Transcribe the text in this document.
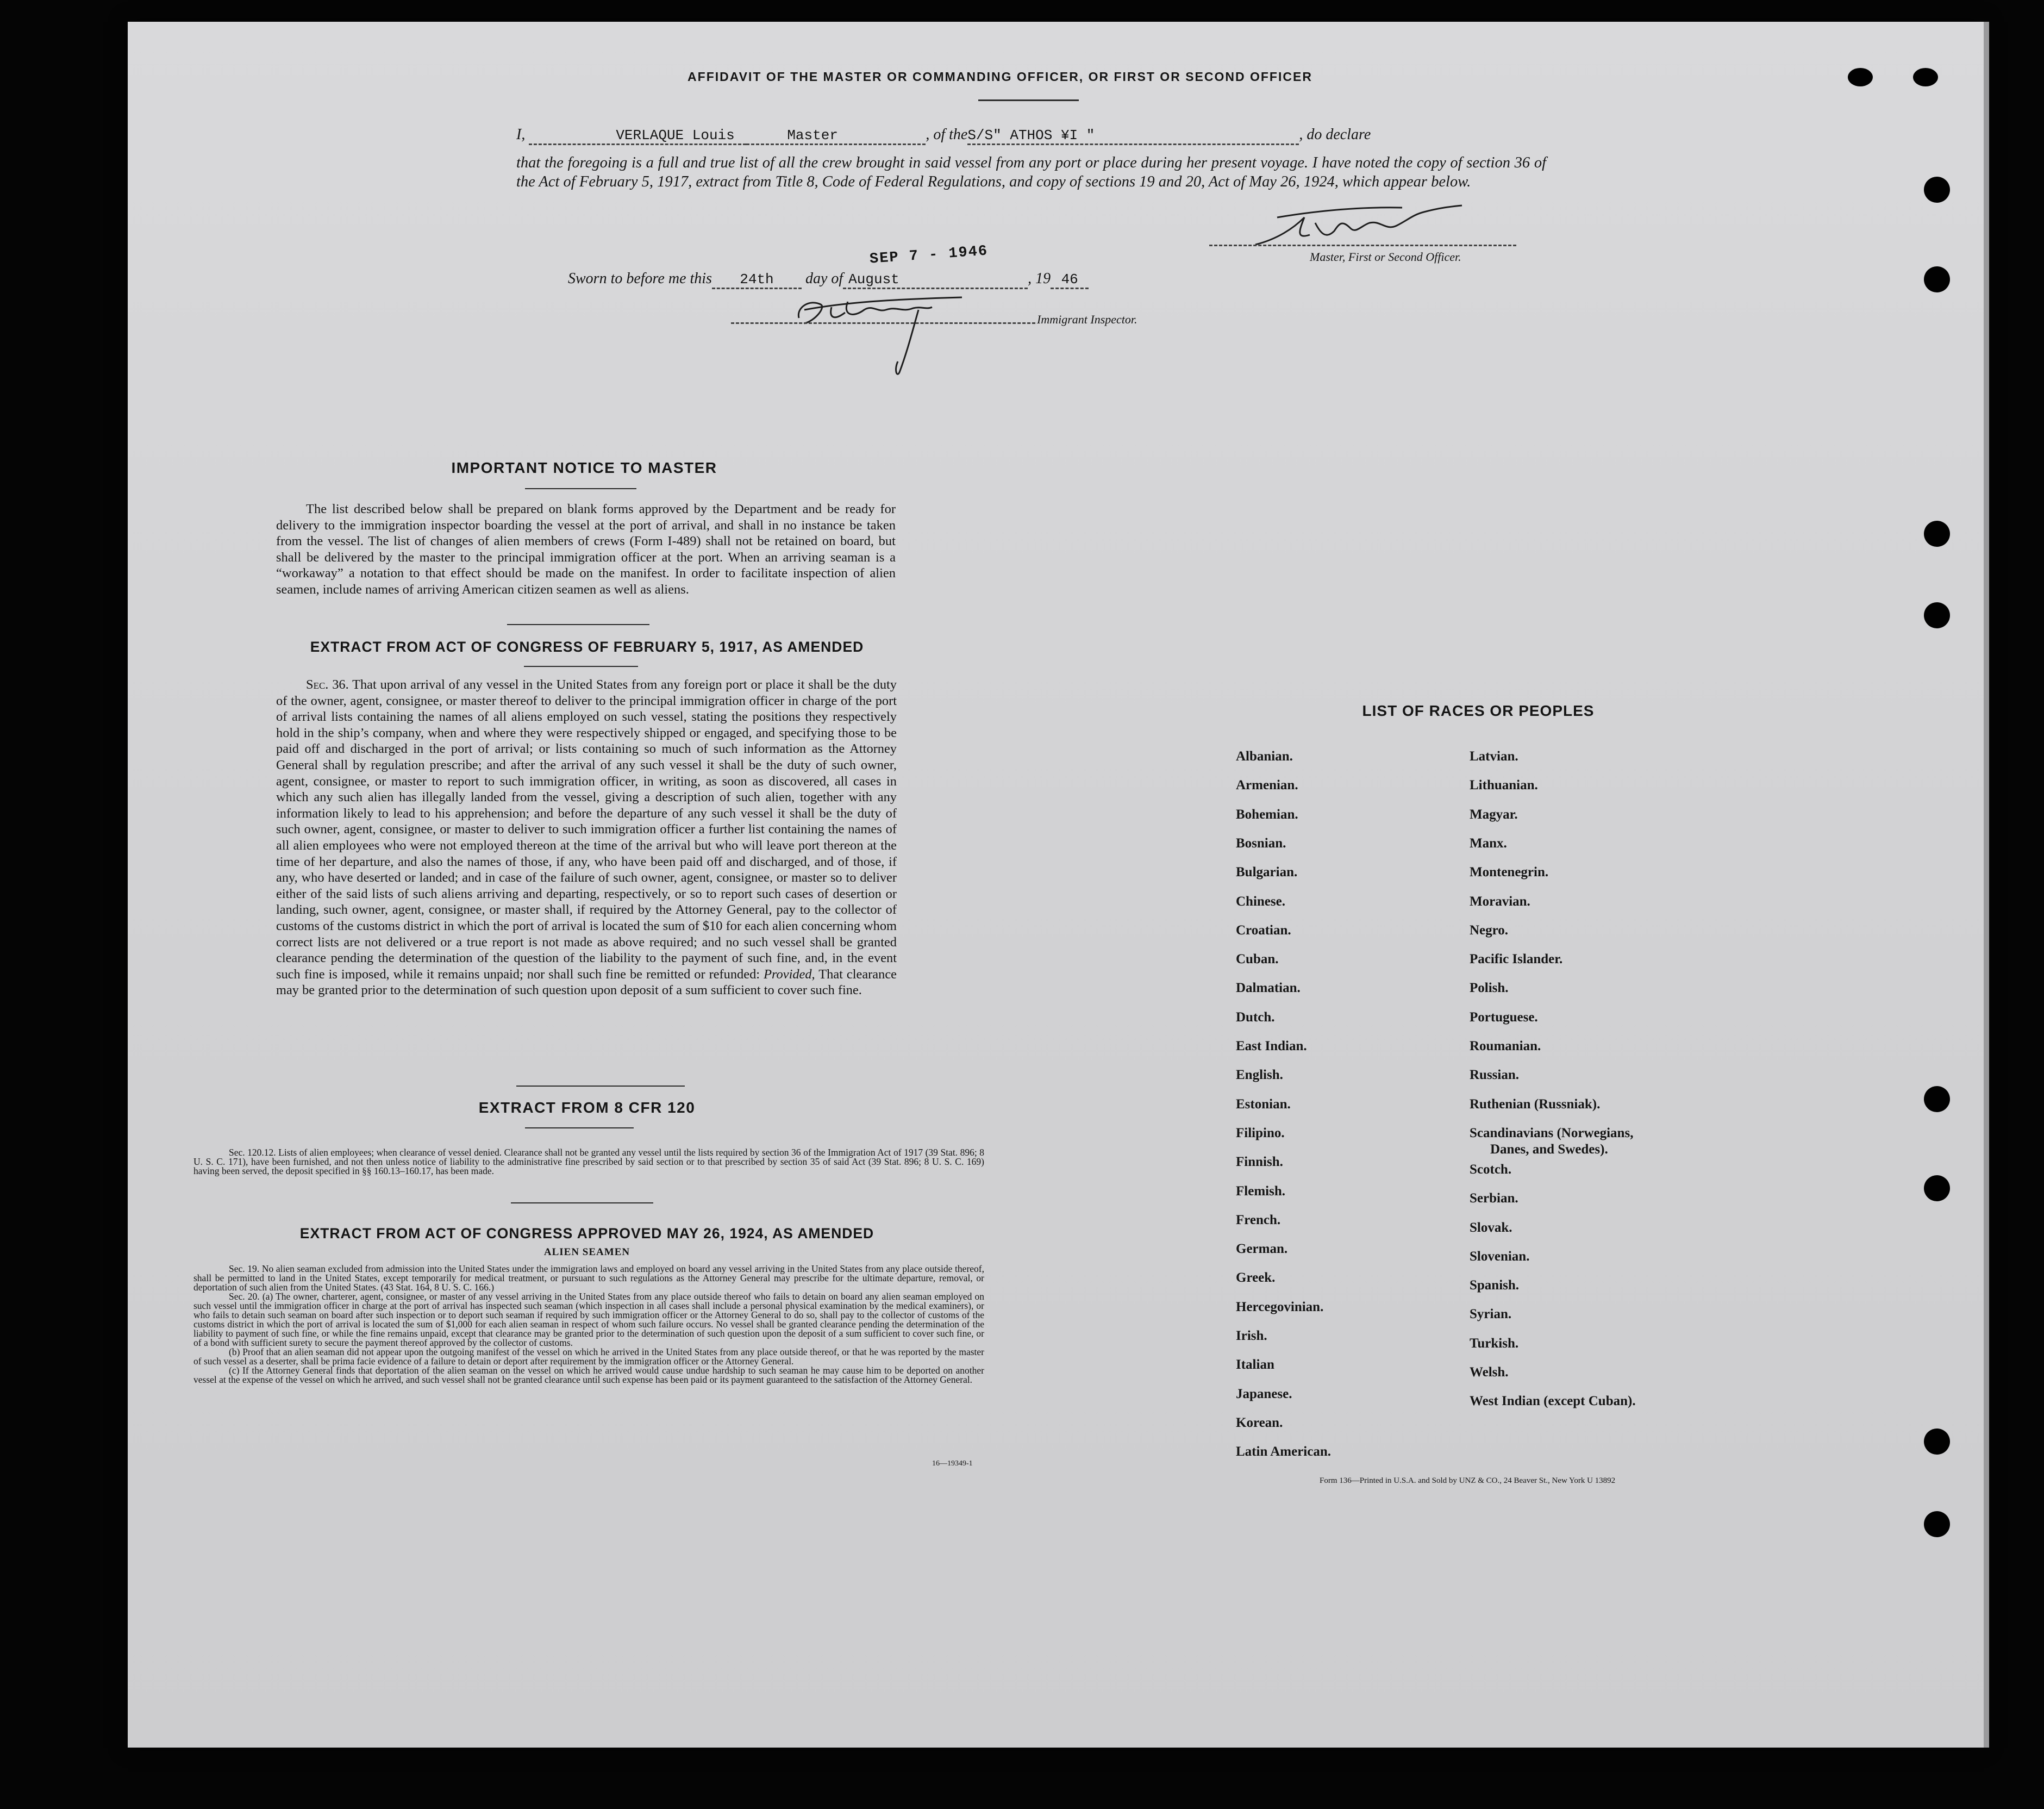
AFFIDAVIT OF THE MASTER OR COMMANDING OFFICER, OR FIRST OR SECOND OFFICER
I,	VERLAQUE Louis	Master	, of theS/S" ATHOS ¥I "	, do declare
that the foregoing is a full and true list of all the crew brought in said vessel from any port or place during her present voyage. I have noted the copy of section 36 of the Act of February 5, 1917, extract from Title 8, Code of Federal Regulations, and copy of sections 19 and 20, Act of May 26, 1924, which appear below.
Master, First or Second Officer.
SEP 7 - 1946
Sworn to before me this 24th day of August	, 19 46
Immigrant Inspector.
IMPORTANT NOTICE TO MASTER
The list described below shall be prepared on blank forms approved by the Department and be ready for delivery to the immigration inspector boarding the vessel at the port of arrival, and shall in no instance be taken from the vessel. The list of changes of alien members of crews (Form I-489) shall not be retained on board, but shall be delivered by the master to the principal immigration officer at the port. When an arriving seaman is a “workaway” a notation to that effect should be made on the manifest. In order to facilitate inspection of alien seamen, include names of arriving American citizen seamen as well as aliens.
EXTRACT FROM ACT OF CONGRESS OF FEBRUARY 5, 1917, AS AMENDED
Sec. 36. That upon arrival of any vessel in the United States from any foreign port or place it shall be the duty of the owner, agent, consignee, or master thereof to deliver to the principal immigration officer in charge of the port of arrival lists containing the names of all aliens employed on such vessel, stating the positions they respectively hold in the ship’s company, when and where they were respectively shipped or engaged, and specifying those to be paid off and discharged in the port of arrival; or lists containing so much of such information as the Attorney General shall by regulation prescribe; and after the arrival of any such vessel it shall be the duty of such owner, agent, consignee, or master to report to such immigration officer, in writing, as soon as discovered, all cases in which any such alien has illegally landed from the vessel, giving a description of such alien, together with any information likely to lead to his apprehension; and before the departure of any such vessel it shall be the duty of such owner, agent, consignee, or master to deliver to such immigration officer a further list containing the names of all alien employees who were not employed thereon at the time of the arrival but who will leave port thereon at the time of her departure, and also the names of those, if any, who have been paid off and discharged, and of those, if any, who have deserted or landed; and in case of the failure of such owner, agent, consignee, or master so to deliver either of the said lists of such aliens arriving and departing, respectively, or so to report such cases of desertion or landing, such owner, agent, consignee, or master shall, if required by the Attorney General, pay to the collector of customs of the customs district in which the port of arrival is located the sum of $10 for each alien concerning whom correct lists are not delivered or a true report is not made as above required; and no such vessel shall be granted clearance pending the determination of the question of the liability to the payment of such fine, and, in the event such fine is imposed, while it remains unpaid; nor shall such fine be remitted or refunded: Provided, That clearance may be granted prior to the determination of such question upon deposit of a sum sufficient to cover such fine.
EXTRACT FROM 8 CFR 120
Sec. 120.12. Lists of alien employees; when clearance of vessel denied. Clearance shall not be granted any vessel until the lists required by section 36 of the Immigration Act of 1917 (39 Stat. 896; 8 U. S. C. 171), have been furnished, and not then unless notice of liability to the administrative fine prescribed by said section or to that prescribed by section 35 of said Act (39 Stat. 896; 8 U. S. C. 169) having been served, the deposit specified in §§ 160.13–160.17, has been made.
EXTRACT FROM ACT OF CONGRESS APPROVED MAY 26, 1924, AS AMENDED
ALIEN SEAMEN
Sec. 19. No alien seaman excluded from admission into the United States under the immigration laws and employed on board any vessel arriving in the United States from any place outside thereof, shall be permitted to land in the United States, except temporarily for medical treatment, or pursuant to such regulations as the Attorney General may prescribe for the ultimate departure, removal, or deportation of such alien from the United States. (43 Stat. 164, 8 U. S. C. 166.)
Sec. 20. (a) The owner, charterer, agent, consignee, or master of any vessel arriving in the United States from any place outside thereof who fails to detain on board any alien seaman employed on such vessel until the immigration officer in charge at the port of arrival has inspected such seaman (which inspection in all cases shall include a personal physical examination by the medical examiners), or who fails to detain such seaman on board after such inspection or to deport such seaman if required by such immigration officer or the Attorney General to do so, shall pay to the collector of customs of the customs district in which the port of arrival is located the sum of $1,000 for each alien seaman in respect of whom such failure occurs. No vessel shall be granted clearance pending the determination of the liability to payment of such fine, or while the fine remains unpaid, except that clearance may be granted prior to the determination of such question upon the deposit of a sum sufficient to cover such fine, or of a bond with sufficient surety to secure the payment thereof approved by the collector of customs.
(b) Proof that an alien seaman did not appear upon the outgoing manifest of the vessel on which he arrived in the United States from any place outside thereof, or that he was reported by the master of such vessel as a deserter, shall be prima facie evidence of a failure to detain or deport after requirement by the immigration officer or the Attorney General.
(c) If the Attorney General finds that deportation of the alien seaman on the vessel on which he arrived would cause undue hardship to such seaman he may cause him to be deported on another vessel at the expense of the vessel on which he arrived, and such vessel shall not be granted clearance until such expense has been paid or its payment guaranteed to the satisfaction of the Attorney General.
16—19349-1
LIST OF RACES OR PEOPLES
Albanian.
Armenian.
Bohemian.
Bosnian.
Bulgarian.
Chinese.
Croatian.
Cuban.
Dalmatian.
Dutch.
East Indian.
English.
Estonian.
Filipino.
Finnish.
Flemish.
French.
German.
Greek.
Hercegovinian.
Irish.
Italian
Japanese.
Korean.
Latin American.
Latvian.
Lithuanian.
Magyar.
Manx.
Montenegrin.
Moravian.
Negro.
Pacific Islander.
Polish.
Portuguese.
Roumanian.
Russian.
Ruthenian (Russniak).
Scandinavians (Norwegians,
Danes, and Swedes).
Scotch.
Serbian.
Slovak.
Slovenian.
Spanish.
Syrian.
Turkish.
Welsh.
West Indian (except Cuban).
Form 136—Printed in U.S.A. and Sold by UNZ & CO., 24 Beaver St., New York U 13892
